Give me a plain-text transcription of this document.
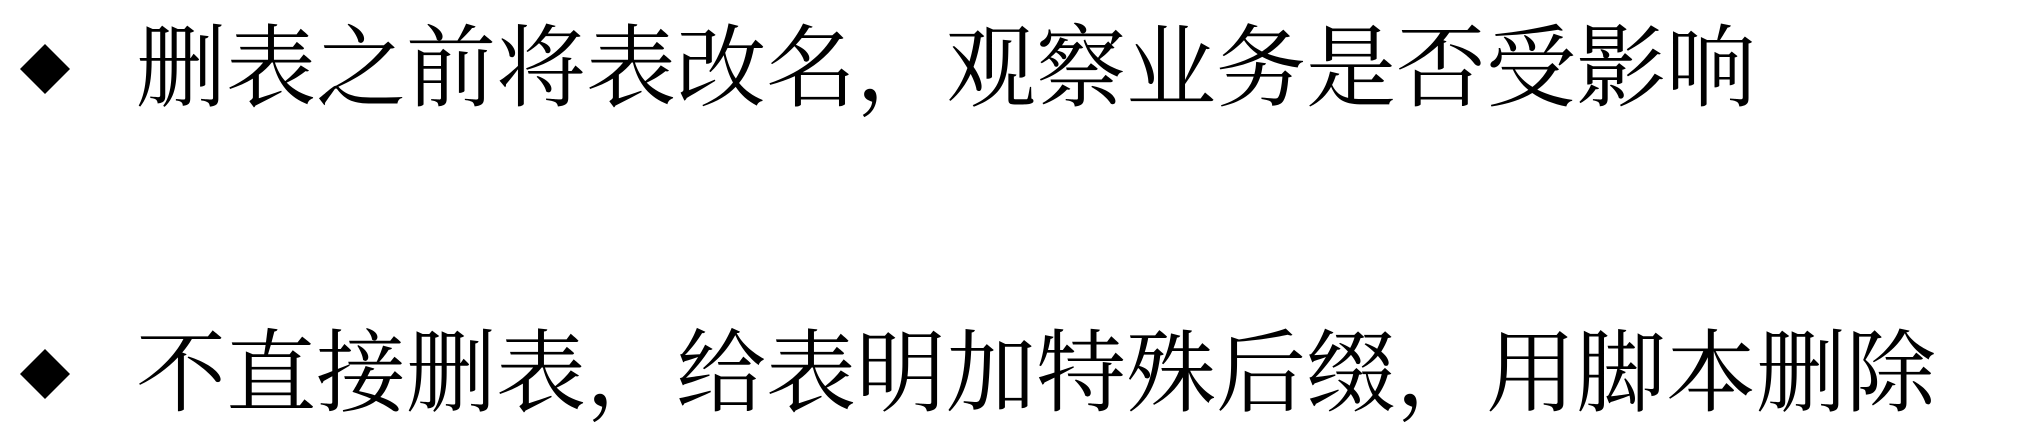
删表之前将表改名，观察业务是否受影响
不直接删表，给表明加特殊后缀，用脚本删除
